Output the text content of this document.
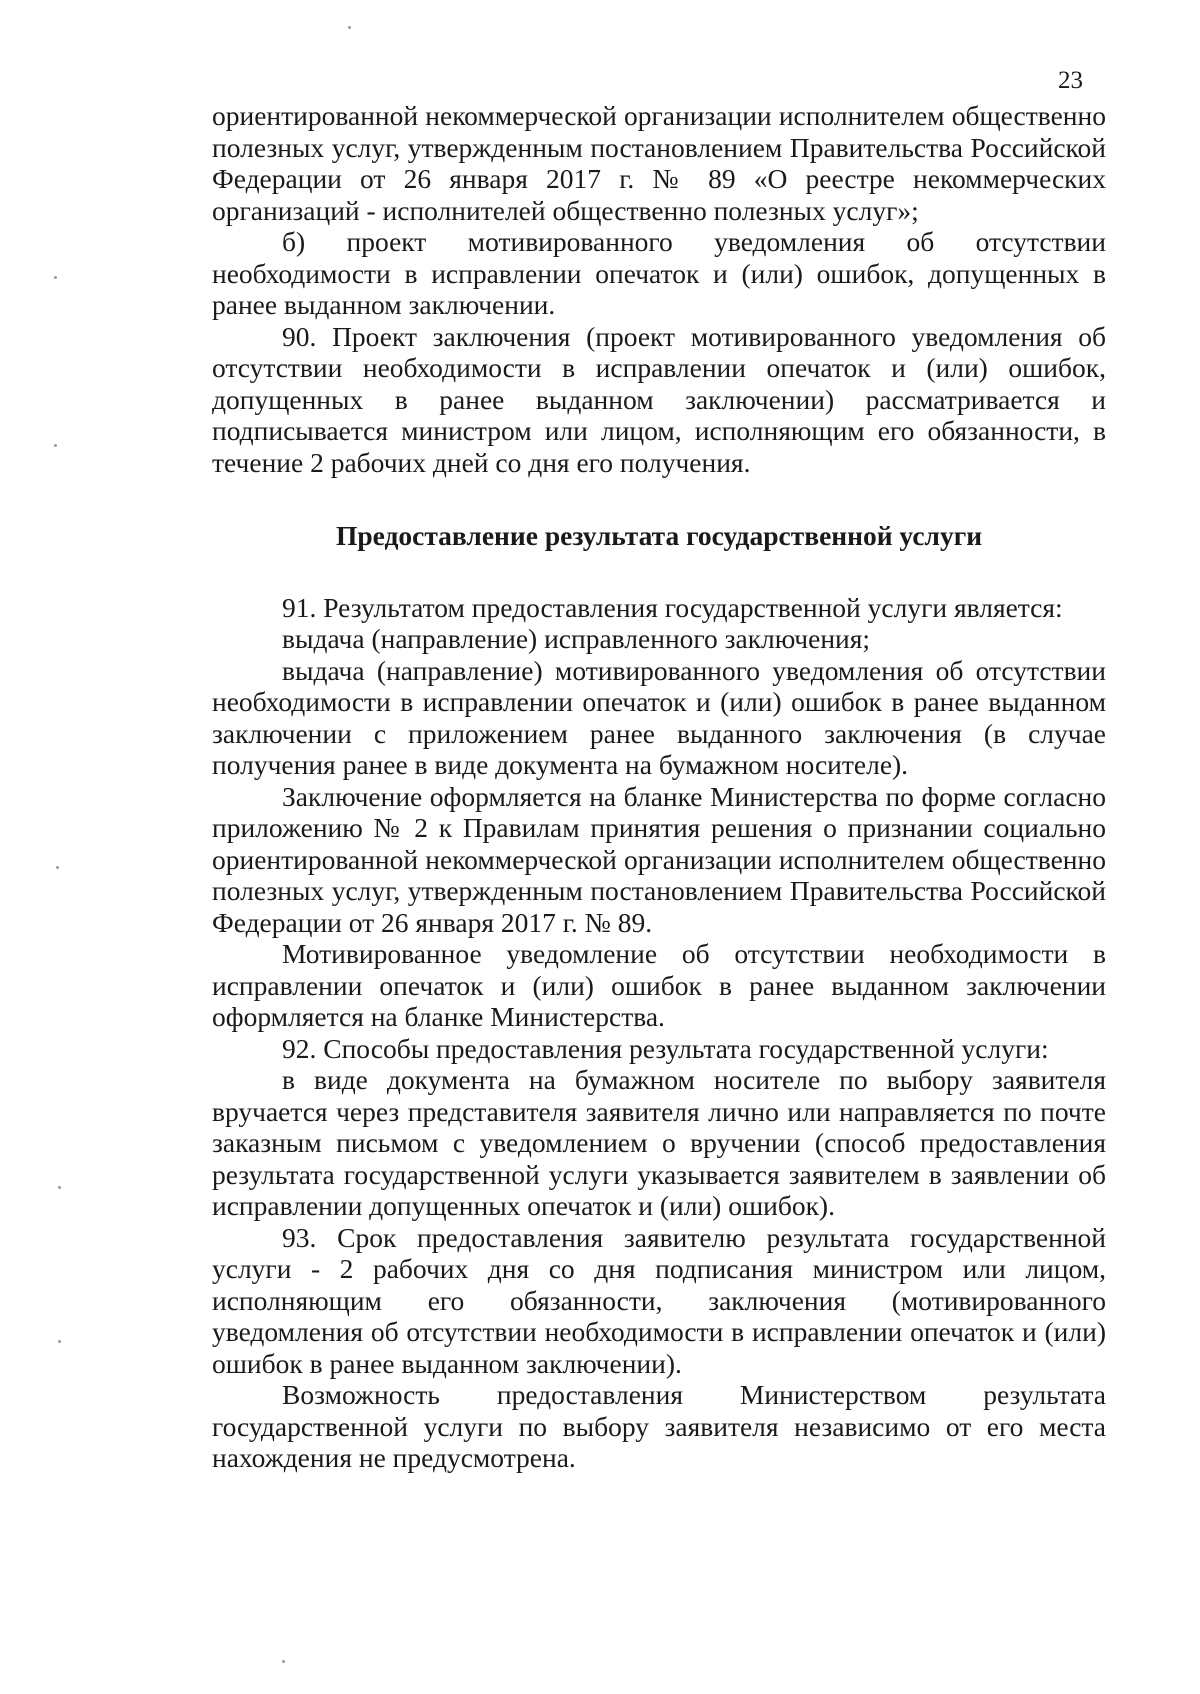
23

ориентированной некоммерческой организации исполнителем общественно полезных услуг, утвержденным постановлением Правительства Российской Федерации от 26 января 2017 г. № 89 «О реестре некоммерческих организаций - исполнителей общественно полезных услуг»;

б) проект мотивированного уведомления об отсутствии необходимости в исправлении опечаток и (или) ошибок, допущенных в ранее выданном заключении.

90. Проект заключения (проект мотивированного уведомления об отсутствии необходимости в исправлении опечаток и (или) ошибок, допущенных в ранее выданном заключении) рассматривается и подписывается министром или лицом, исполняющим его обязанности, в течение 2 рабочих дней со дня его получения.

Предоставление результата государственной услуги

91. Результатом предоставления государственной услуги является:

выдача (направление) исправленного заключения;

выдача (направление) мотивированного уведомления об отсутствии необходимости в исправлении опечаток и (или) ошибок в ранее выданном заключении с приложением ранее выданного заключения (в случае получения ранее в виде документа на бумажном носителе).

Заключение оформляется на бланке Министерства по форме согласно приложению № 2 к Правилам принятия решения о признании социально ориентированной некоммерческой организации исполнителем общественно полезных услуг, утвержденным постановлением Правительства Российской Федерации от 26 января 2017 г. № 89.

Мотивированное уведомление об отсутствии необходимости в исправлении опечаток и (или) ошибок в ранее выданном заключении оформляется на бланке Министерства.

92. Способы предоставления результата государственной услуги:

в виде документа на бумажном носителе по выбору заявителя вручается через представителя заявителя лично или направляется по почте заказным письмом с уведомлением о вручении (способ предоставления результата государственной услуги указывается заявителем в заявлении об исправлении допущенных опечаток и (или) ошибок).

93. Срок предоставления заявителю результата государственной услуги - 2 рабочих дня со дня подписания министром или лицом, исполняющим его обязанности, заключения (мотивированного уведомления об отсутствии необходимости в исправлении опечаток и (или) ошибок в ранее выданном заключении).

Возможность предоставления Министерством результата государственной услуги по выбору заявителя независимо от его места нахождения не предусмотрена.
